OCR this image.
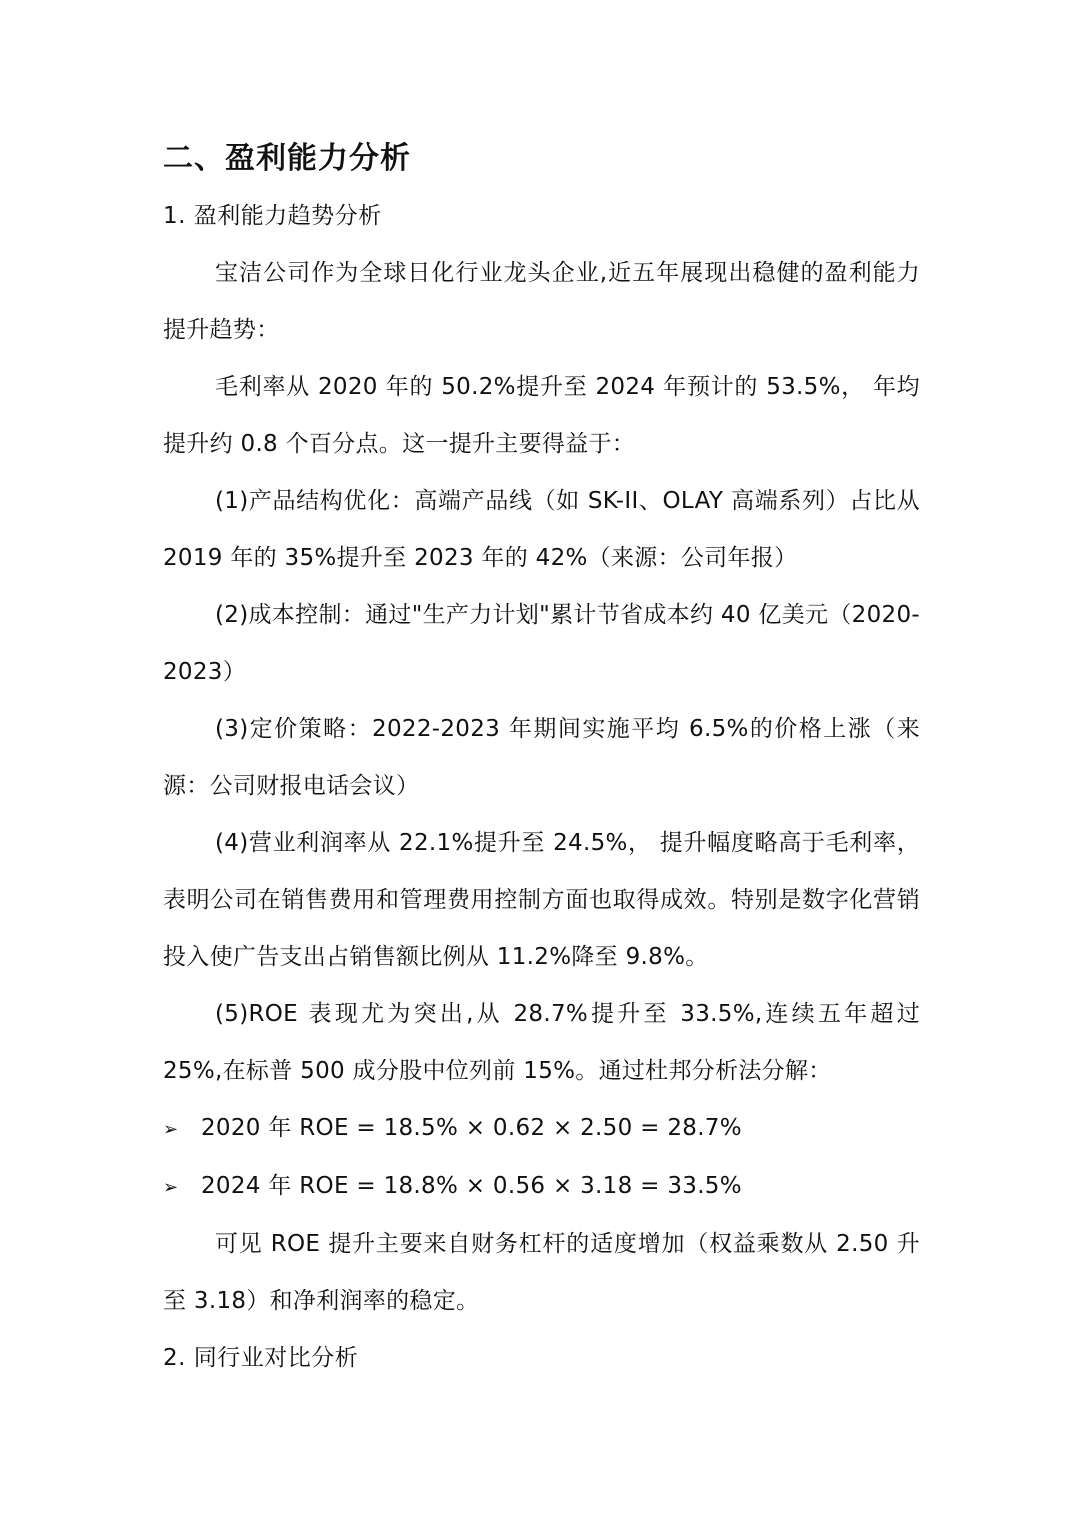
二、盈利能力分析
1. 盈利能力趋势分析

宝洁公司作为全球日化行业龙头企业,近五年展现出稳健的盈利能力提升趋势：

毛利率从 2020 年的 50.2%提升至 2024 年预计的 53.5%， 年均提升约 0.8 个百分点。这一提升主要得益于：

(1)产品结构优化：高端产品线（如 SK-II、OLAY 高端系列）占比从 2019 年的 35%提升至 2023 年的 42%（来源：公司年报）

(2)成本控制：通过"生产力计划"累计节省成本约 40 亿美元（2020-2023）

(3)定价策略：2022-2023 年期间实施平均 6.5%的价格上涨（来源：公司财报电话会议）

(4)营业利润率从 22.1%提升至 24.5%， 提升幅度略高于毛利率，表明公司在销售费用和管理费用控制方面也取得成效。特别是数字化营销投入使广告支出占销售额比例从 11.2%降至 9.8%。

(5)ROE 表现尤为突出,从 28.7%提升至 33.5%,连续五年超过 25%,在标普 500 成分股中位列前 15%。通过杜邦分析法分解：

➢ 2020 年 ROE = 18.5% × 0.62 × 2.50 = 28.7%
➢ 2024 年 ROE = 18.8% × 0.56 × 3.18 = 33.5%

可见 ROE 提升主要来自财务杠杆的适度增加（权益乘数从 2.50 升至 3.18）和净利润率的稳定。

2. 同行业对比分析
